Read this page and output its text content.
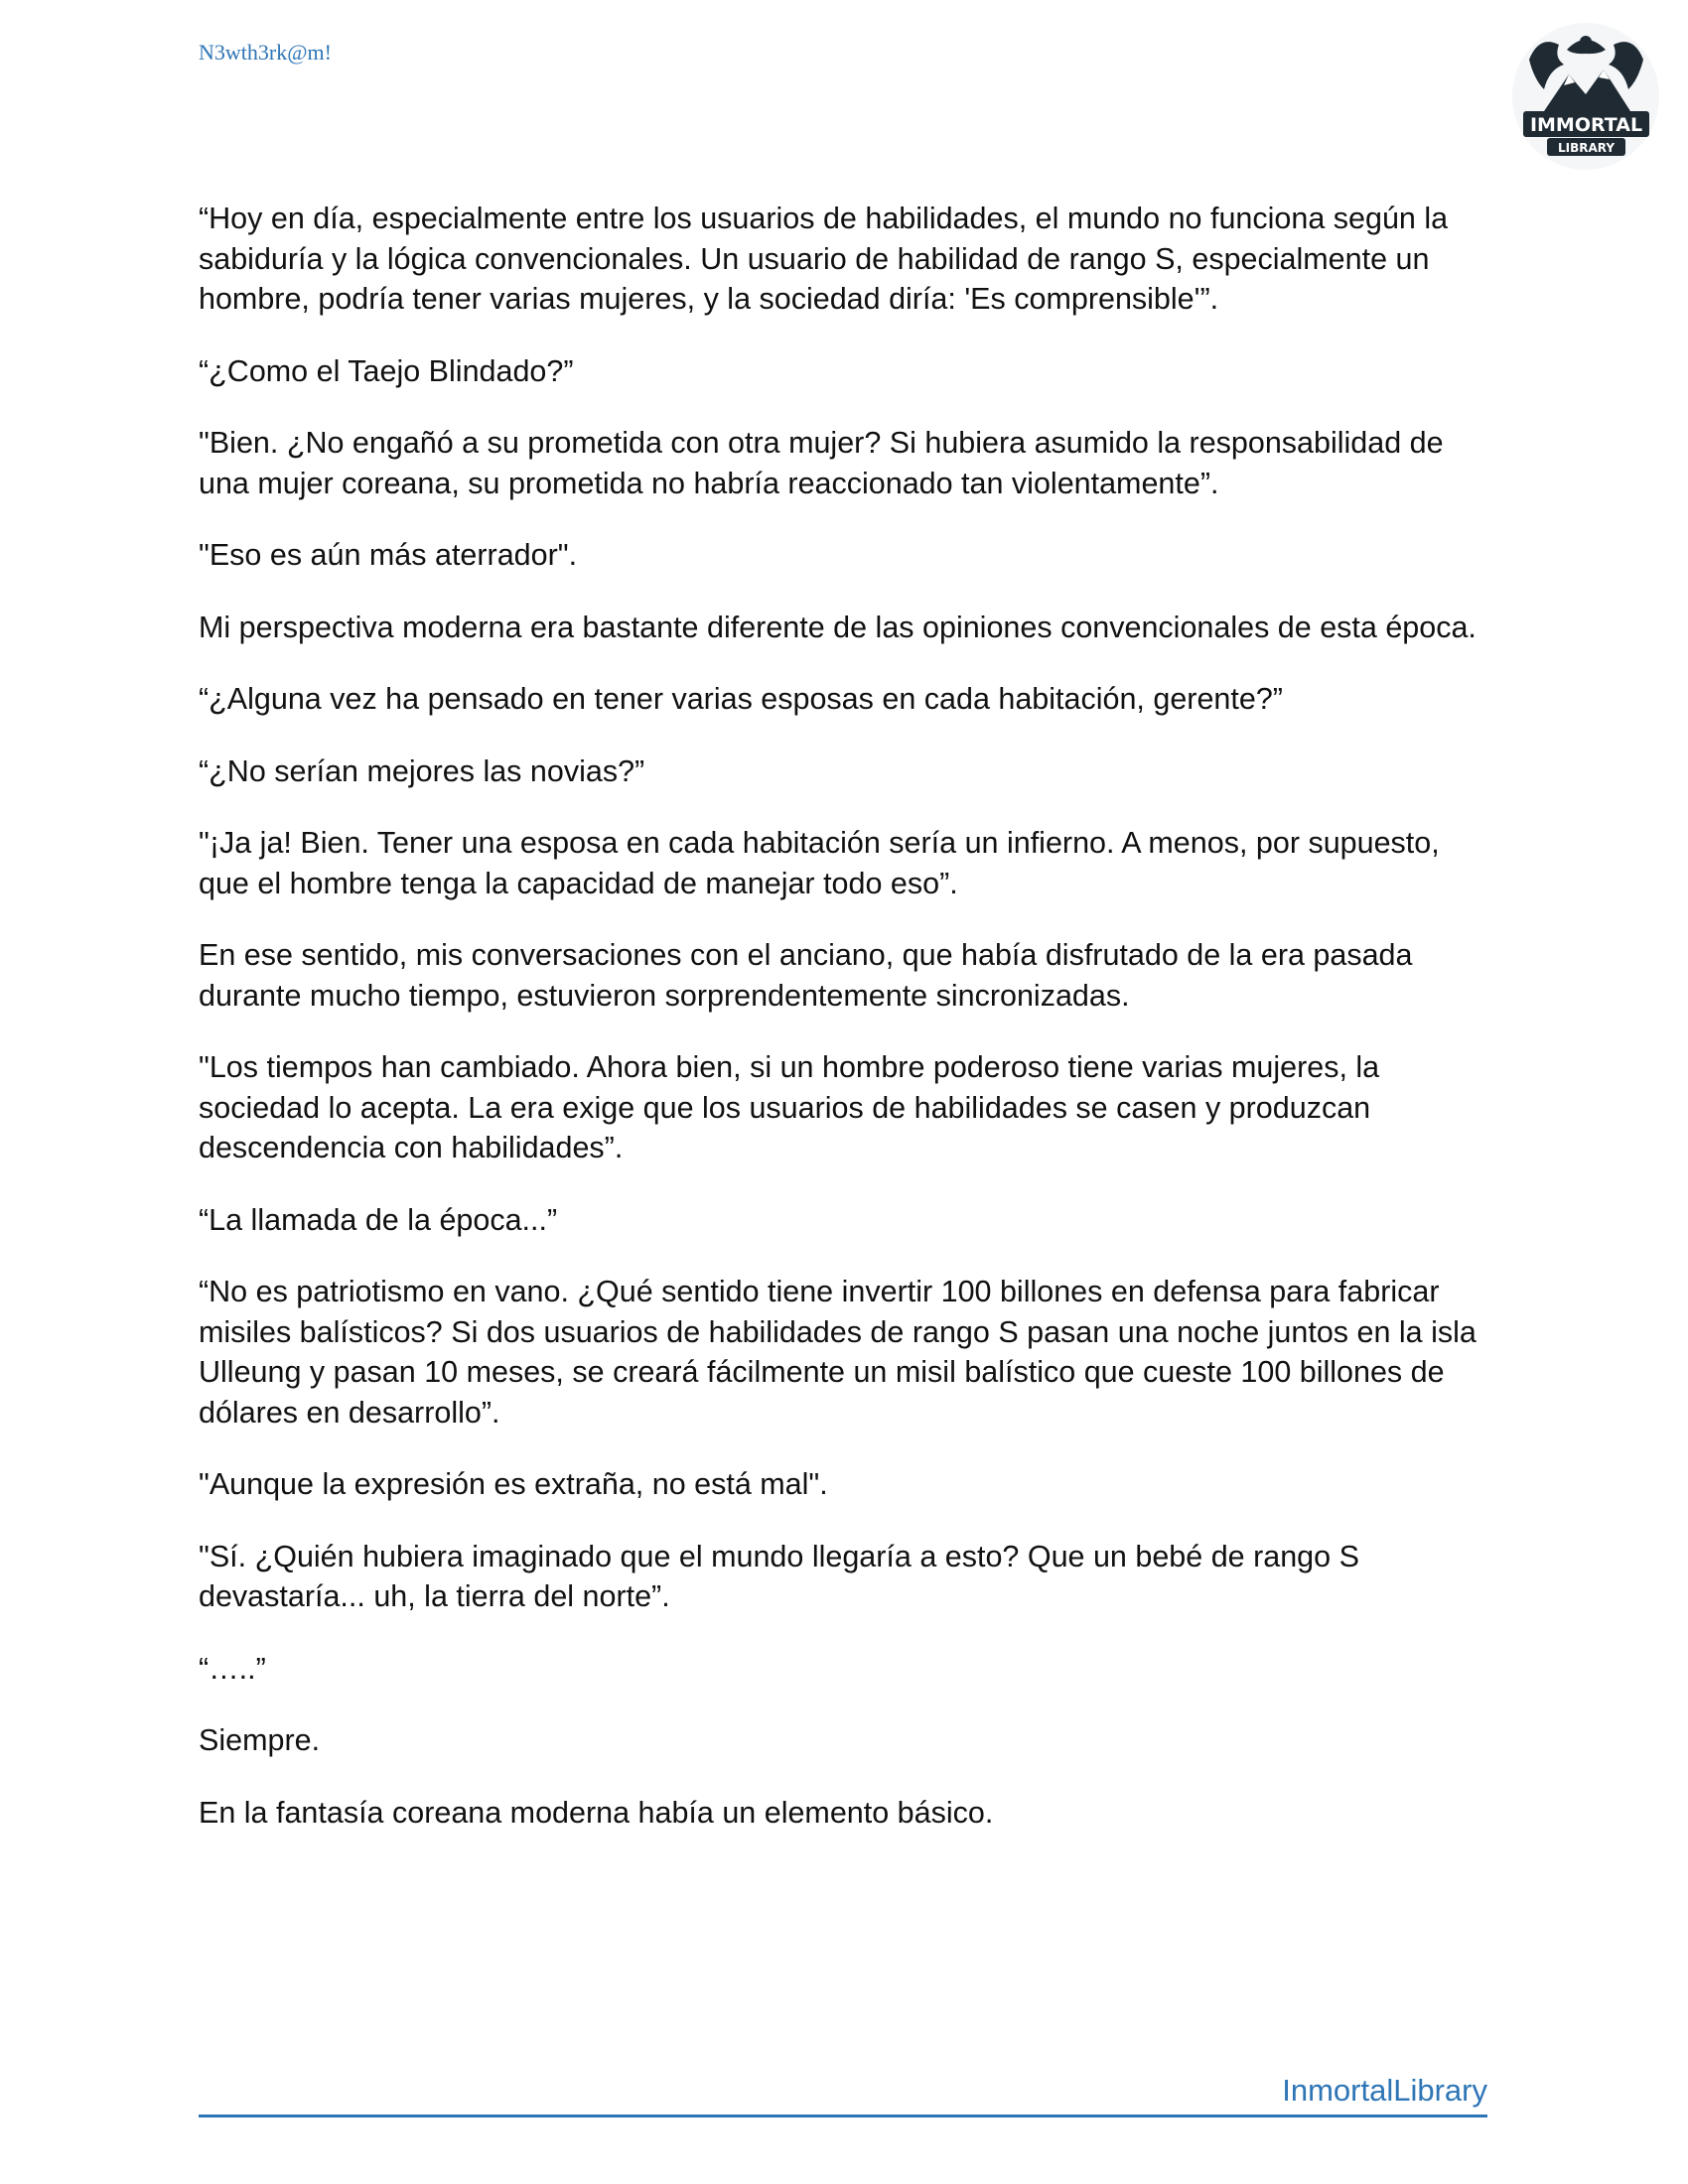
N3wth3rk@m!
IMMORTAL
LIBRARY

“Hoy en día, especialmente entre los usuarios de habilidades, el mundo no funciona según la sabiduría y la lógica convencionales. Un usuario de habilidad de rango S, especialmente un hombre, podría tener varias mujeres, y la sociedad diría: 'Es comprensible'”.

“¿Como el Taejo Blindado?”

"Bien. ¿No engañó a su prometida con otra mujer? Si hubiera asumido la responsabilidad de una mujer coreana, su prometida no habría reaccionado tan violentamente”.

"Eso es aún más aterrador".

Mi perspectiva moderna era bastante diferente de las opiniones convencionales de esta época.

“¿Alguna vez ha pensado en tener varias esposas en cada habitación, gerente?”

“¿No serían mejores las novias?”

"¡Ja ja! Bien. Tener una esposa en cada habitación sería un infierno. A menos, por supuesto, que el hombre tenga la capacidad de manejar todo eso”.

En ese sentido, mis conversaciones con el anciano, que había disfrutado de la era pasada durante mucho tiempo, estuvieron sorprendentemente sincronizadas.

"Los tiempos han cambiado. Ahora bien, si un hombre poderoso tiene varias mujeres, la sociedad lo acepta. La era exige que los usuarios de habilidades se casen y produzcan descendencia con habilidades”.

“La llamada de la época...”

“No es patriotismo en vano. ¿Qué sentido tiene invertir 100 billones en defensa para fabricar misiles balísticos? Si dos usuarios de habilidades de rango S pasan una noche juntos en la isla Ulleung y pasan 10 meses, se creará fácilmente un misil balístico que cueste 100 billones de dólares en desarrollo”.

"Aunque la expresión es extraña, no está mal".

"Sí. ¿Quién hubiera imaginado que el mundo llegaría a esto? Que un bebé de rango S devastaría... uh, la tierra del norte”.

“…..”

Siempre.

En la fantasía coreana moderna había un elemento básico.

InmortalLibrary
